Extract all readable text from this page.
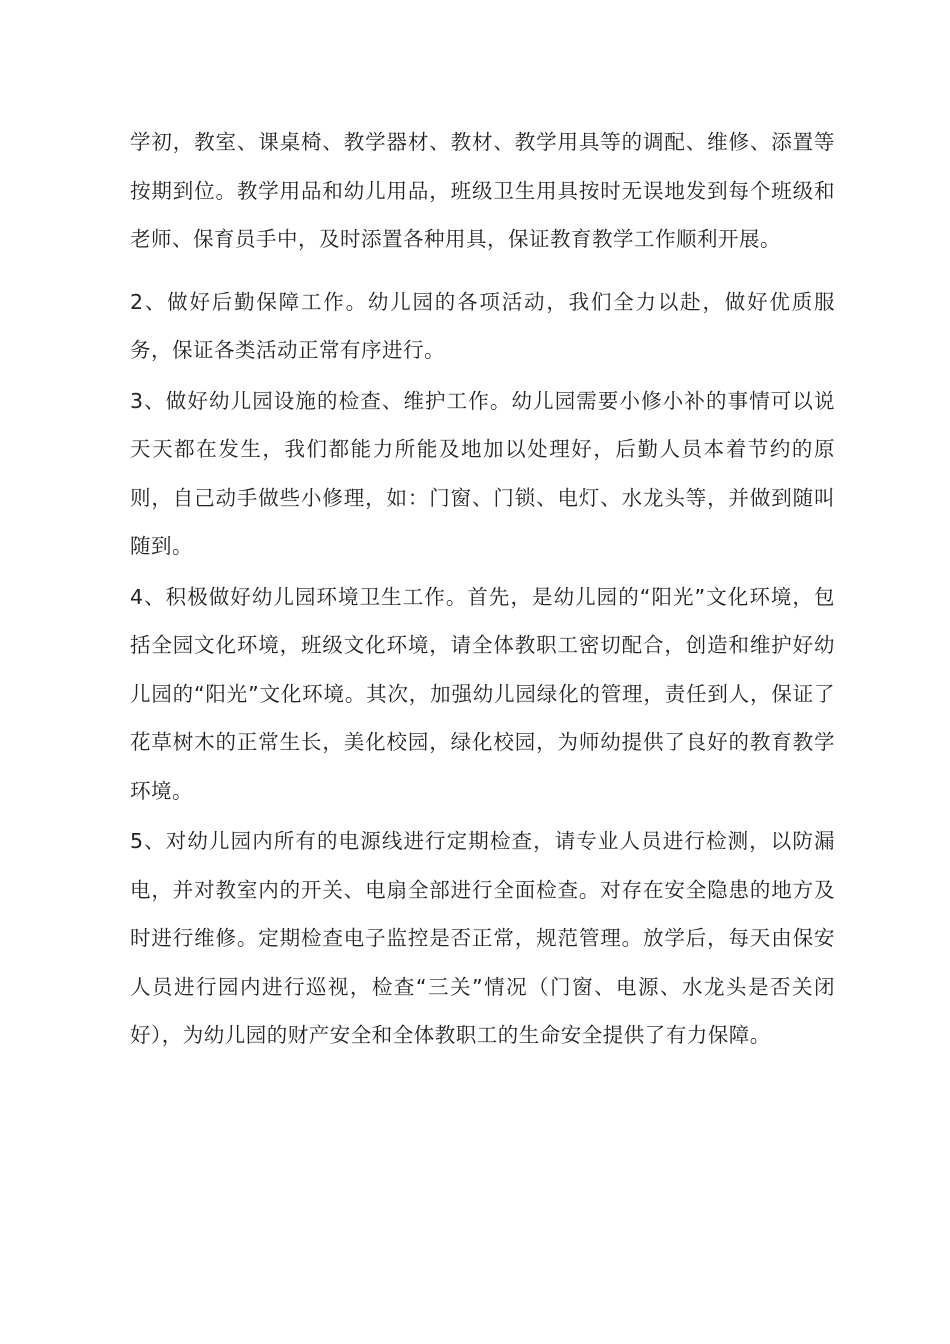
学初，教室、课桌椅、教学器材、教材、教学用具等的调配、维修、添置等按期到位。教学用品和幼儿用品，班级卫生用具按时无误地发到每个班级和老师、保育员手中，及时添置各种用具，保证教育教学工作顺利开展。

2、做好后勤保障工作。幼儿园的各项活动，我们全力以赴，做好优质服务，保证各类活动正常有序进行。

3、做好幼儿园设施的检查、维护工作。幼儿园需要小修小补的事情可以说天天都在发生，我们都能力所能及地加以处理好，后勤人员本着节约的原则，自己动手做些小修理，如：门窗、门锁、电灯、水龙头等，并做到随叫随到。

4、积极做好幼儿园环境卫生工作。首先，是幼儿园的“阳光”文化环境，包括全园文化环境，班级文化环境，请全体教职工密切配合，创造和维护好幼儿园的“阳光”文化环境。其次，加强幼儿园绿化的管理，责任到人，保证了花草树木的正常生长，美化校园，绿化校园，为师幼提供了良好的教育教学环境。

5、对幼儿园内所有的电源线进行定期检查，请专业人员进行检测，以防漏电，并对教室内的开关、电扇全部进行全面检查。对存在安全隐患的地方及时进行维修。定期检查电子监控是否正常，规范管理。放学后，每天由保安人员进行园内进行巡视，检查“三关”情况（门窗、电源、水龙头是否关闭好），为幼儿园的财产安全和全体教职工的生命安全提供了有力保障。
